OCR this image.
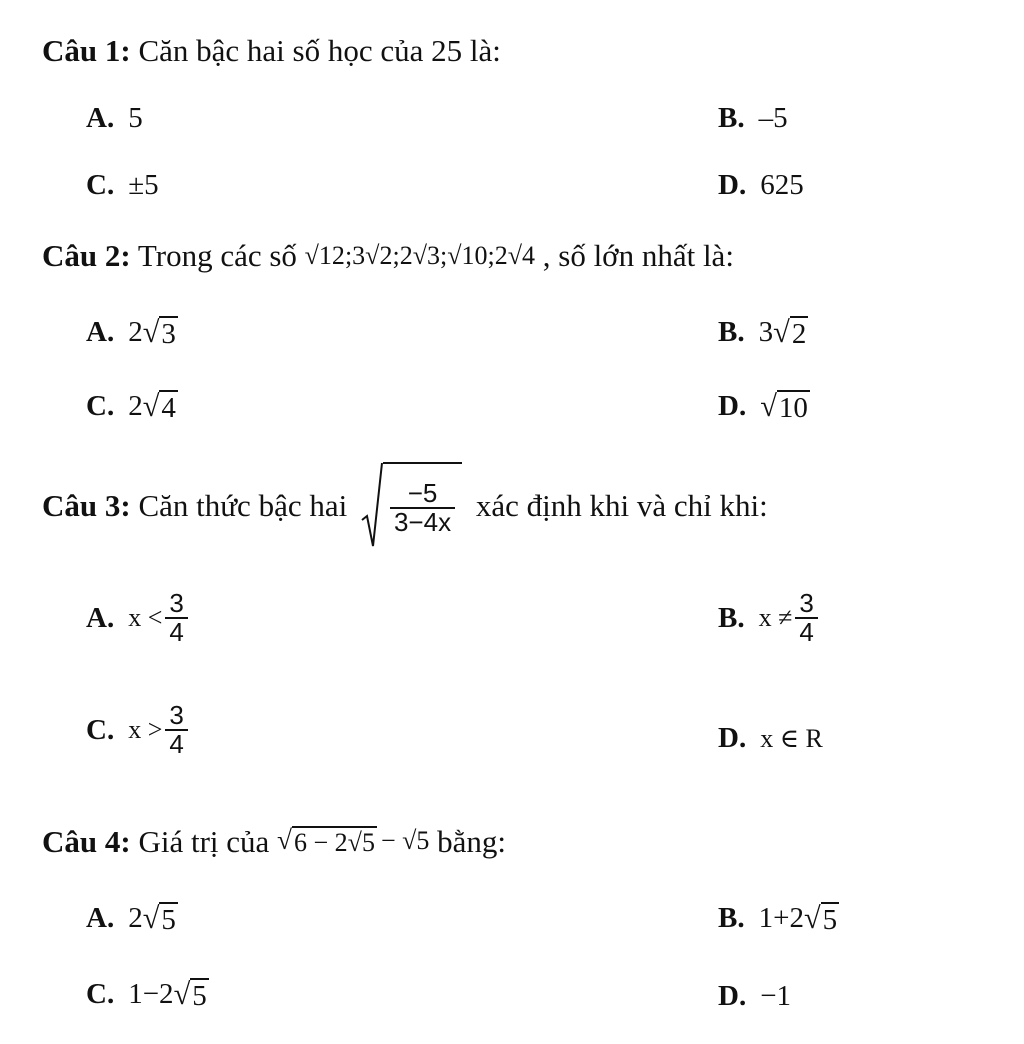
Câu 1: Căn bậc hai số học của 25 là:
A. 5	B. –5
C. ±5	D. 625
Câu 2: Trong các số √12 ; 3√2 ; 2√3 ; √10 ; 2√4 , số lớn nhất là:
A. 2 √ 3	B. 3 √ 2
C. 2 √ 4	D. √ 10
Câu 3: Căn thức bậc hai $\frac{-5}{3-4x}$ xác định khi và chỉ khi:
A. $x < \frac{3}{4}$	B. $x \ne \frac{3}{4}$
C. $x > \frac{3}{4}$	D. x ∈ R
Câu 4: Giá trị của √ 6 − 2√5 − √5 bằng:
A. 2 √ 5	B. 1+2 √ 5
C. 1−2 √ 5	D. −1
